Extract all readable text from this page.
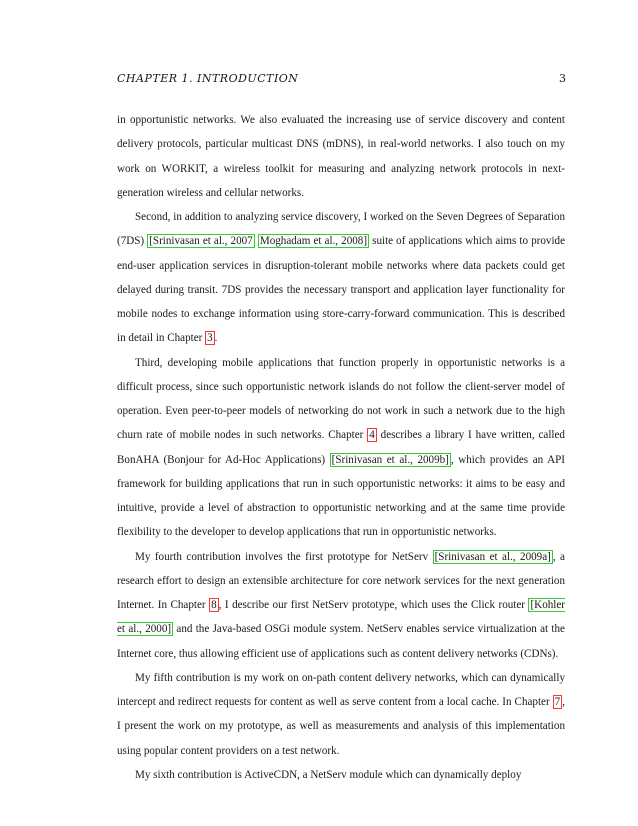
CHAPTER 1. INTRODUCTION	3

in opportunistic networks. We also evaluated the increasing use of service discovery and content delivery protocols, particular multicast DNS (mDNS), in real-world networks. I also touch on my work on WORKIT, a wireless toolkit for measuring and analyzing network protocols in next-generation wireless and cellular networks.

Second, in addition to analyzing service discovery, I worked on the Seven Degrees of Separation (7DS) [Srinivasan et al., 2007 Moghadam et al., 2008] suite of applications which aims to provide end-user application services in disruption-tolerant mobile networks where data packets could get delayed during transit. 7DS provides the necessary transport and application layer functionality for mobile nodes to exchange information using store-carry-forward communication. This is described in detail in Chapter 3 .

Third, developing mobile applications that function properly in opportunistic networks is a difficult process, since such opportunistic network islands do not follow the client-server model of operation. Even peer-to-peer models of networking do not work in such a network due to the high churn rate of mobile nodes in such networks. Chapter 4 describes a library I have written, called BonAHA (Bonjour for Ad-Hoc Applications) [Srinivasan et al., 2009b] , which provides an API framework for building applications that run in such opportunistic networks: it aims to be easy and intuitive, provide a level of abstraction to opportunistic networking and at the same time provide flexibility to the developer to develop applications that run in opportunistic networks.

My fourth contribution involves the first prototype for NetServ [Srinivasan et al., 2009a] , a research effort to design an extensible architecture for core network services for the next generation Internet. In Chapter 8 , I describe our first NetServ prototype, which uses the Click router [Kohler et al., 2000] and the Java-based OSGi module system. NetServ enables service virtualization at the Internet core, thus allowing efficient use of applications such as content delivery networks (CDNs).

My fifth contribution is my work on on-path content delivery networks, which can dynamically intercept and redirect requests for content as well as serve content from a local cache. In Chapter 7 , I present the work on my prototype, as well as measurements and analysis of this implementation using popular content providers on a test network.

My sixth contribution is ActiveCDN, a NetServ module which can dynamically deploy
